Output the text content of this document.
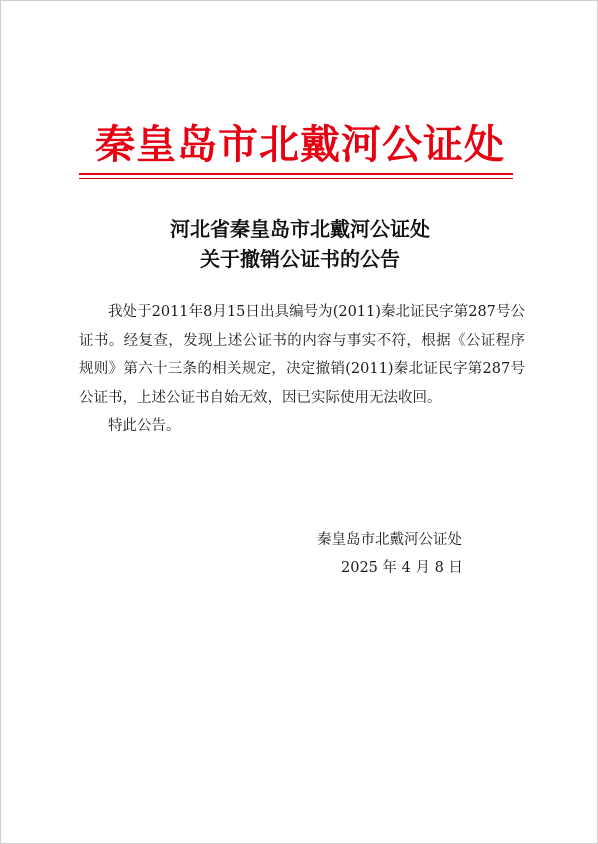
秦皇岛市北戴河公证处
河北省秦皇岛市北戴河公证处
关于撤销公证书的公告

我处于2011年8月15日出具编号为(2011)秦北证民字第287号公证书。经复查，发现上述公证书的内容与事实不符，根据《公证程序规则》第六十三条的相关规定，决定撤销(2011)秦北证民字第287号公证书，上述公证书自始无效，因已实际使用无法收回。

特此公告。

秦皇岛市北戴河公证处
2025 年 4 月 8 日
